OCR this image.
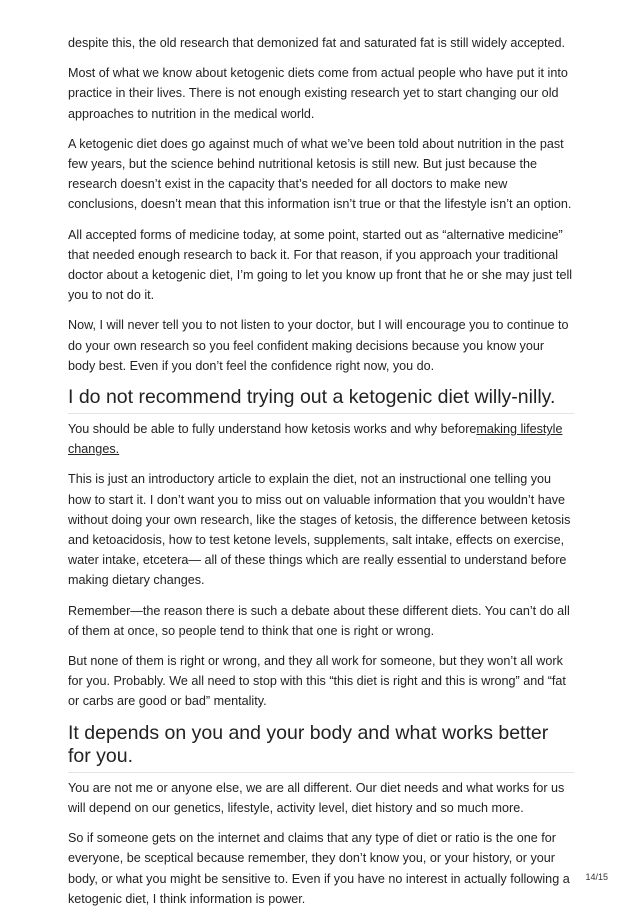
despite this, the old research that demonized fat and saturated fat is still widely accepted.

Most of what we know about ketogenic diets come from actual people who have put it into practice in their lives. There is not enough existing research yet to start changing our old approaches to nutrition in the medical world.

A ketogenic diet does go against much of what we’ve been told about nutrition in the past few years, but the science behind nutritional ketosis is still new. But just because the research doesn’t exist in the capacity that’s needed for all doctors to make new conclusions, doesn’t mean that this information isn’t true or that the lifestyle isn’t an option.

All accepted forms of medicine today, at some point, started out as “alternative medicine” that needed enough research to back it. For that reason, if you approach your traditional doctor about a ketogenic diet, I’m going to let you know up front that he or she may just tell you to not do it.

Now, I will never tell you to not listen to your doctor, but I will encourage you to continue to do your own research so you feel confident making decisions because you know your body best. Even if you don’t feel the confidence right now, you do.

I do not recommend trying out a ketogenic diet willy-nilly.

You should be able to fully understand how ketosis works and why beforemaking lifestyle changes.

This is just an introductory article to explain the diet, not an instructional one telling you how to start it. I don’t want you to miss out on valuable information that you wouldn’t have without doing your own research, like the stages of ketosis, the difference between ketosis and ketoacidosis, how to test ketone levels, supplements, salt intake, effects on exercise, water intake, etcetera— all of these things which are really essential to understand before making dietary changes.

Remember—the reason there is such a debate about these different diets. You can’t do all of them at once, so people tend to think that one is right or wrong.

But none of them is right or wrong, and they all work for someone, but they won’t all work for you. Probably. We all need to stop with this “this diet is right and this is wrong” and “fat or carbs are good or bad” mentality.

It depends on you and your body and what works better for you.

You are not me or anyone else, we are all different. Our diet needs and what works for us will depend on our genetics, lifestyle, activity level, diet history and so much more.

So if someone gets on the internet and claims that any type of diet or ratio is the one for everyone, be sceptical because remember, they don’t know you, or your history, or your body, or what you might be sensitive to. Even if you have no interest in actually following a ketogenic diet, I think information is power.

14/15
